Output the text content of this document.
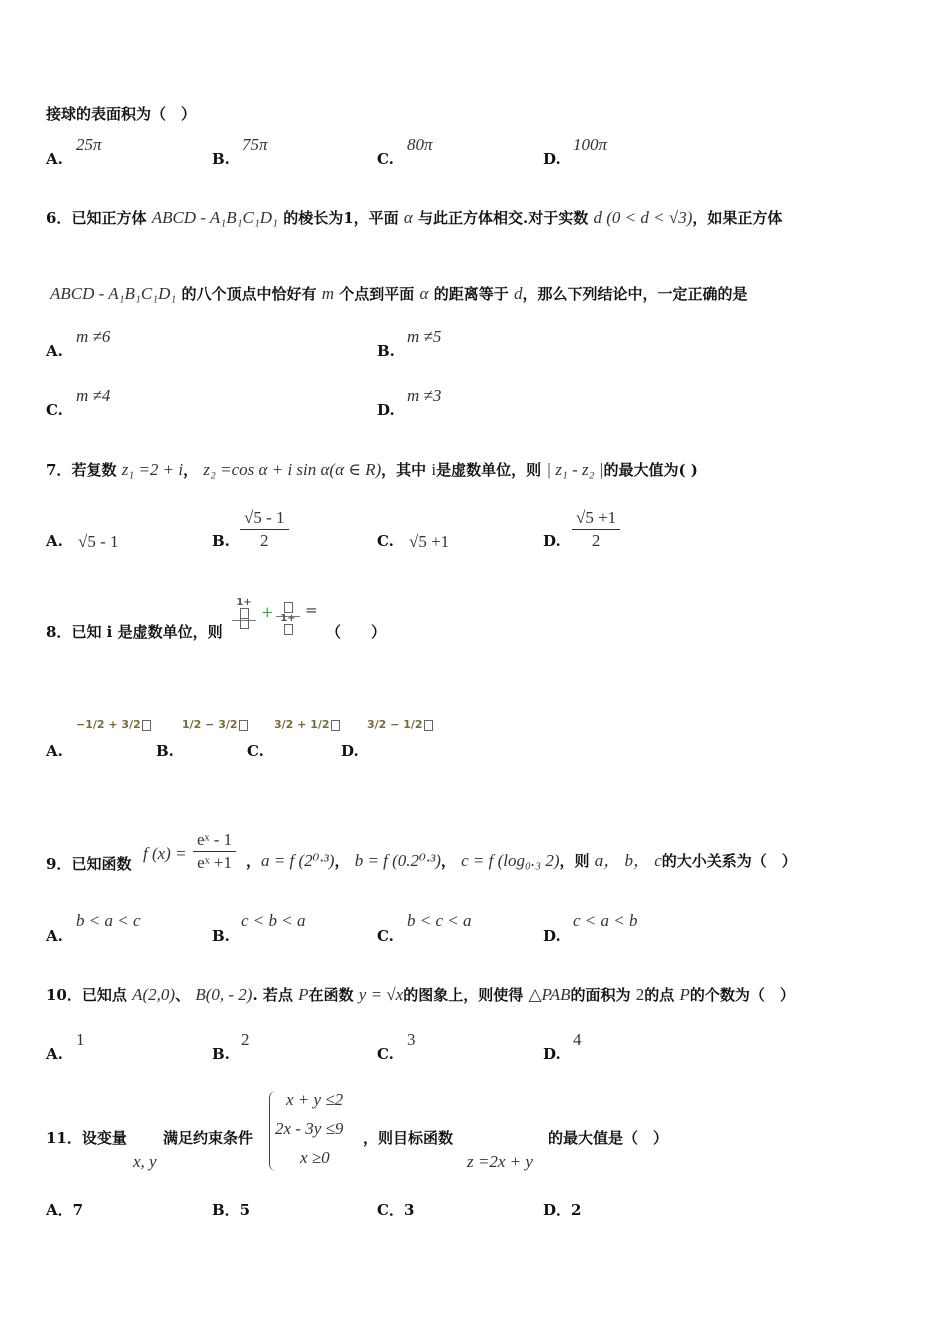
接球的表面积为（　）
A.
25π
B.
75π
C.
80π
D.
100π
6．已知正方体 ABCD - A₁B₁C₁D₁ 的棱长为1，平面 α 与此正方体相交.对于实数 d (0 < d < √3)，如果正方体
ABCD - A₁B₁C₁D₁ 的八个顶点中恰好有 m 个点到平面 α 的距离等于 d，那么下列结论中，一定正确的是
A.
m ≠6
B.
m ≠5
C.
m ≠4
D.
m ≠3
7．若复数 z₁ =2 + i， z₂ =cos α + i sin α(α ∈ R)，其中 i是虚数单位，则 | z₁ - z₂ |的最大值为( )
A. √5 - 1	B. $\frac{√5 - 1}{2}$	C. √5 +1	D. $\frac{√5 +1}{2}$
8．已知 i 是虚数单位，则
1+
+ 1+ =
（　　）
A.
−1/2 + 3/2
B.
1/2 − 3/2
C.
3/2 + 1/2
D.
3/2 − 1/2
9．已知函数
f $(x) = \frac{\text{eˣ - 1}}{\text{eˣ +1}}$ ，a = f (2⁰·³)， b = f (0.2⁰·³)， c = f (log₀.₃ 2)，则 a， b， c的大小关系为（　）
A.
b < a < c
B.
c < b < a
C.
b < c < a
D.
c < a < b
10．已知点 A(2,0)、 B(0, - 2). 若点 P在函数 y = √x的图象上，则使得 △PAB的面积为 2的点 P的个数为（　）
A.
1
B.
2
C.
3
D.
4
11．设变量
x, y
满足约束条件
x + y ≤2
2x - 3y ≤9
x ≥0
，则目标函数
z =2x + y
的最大值是（　）
A．7	B．5	C．3	D．2
